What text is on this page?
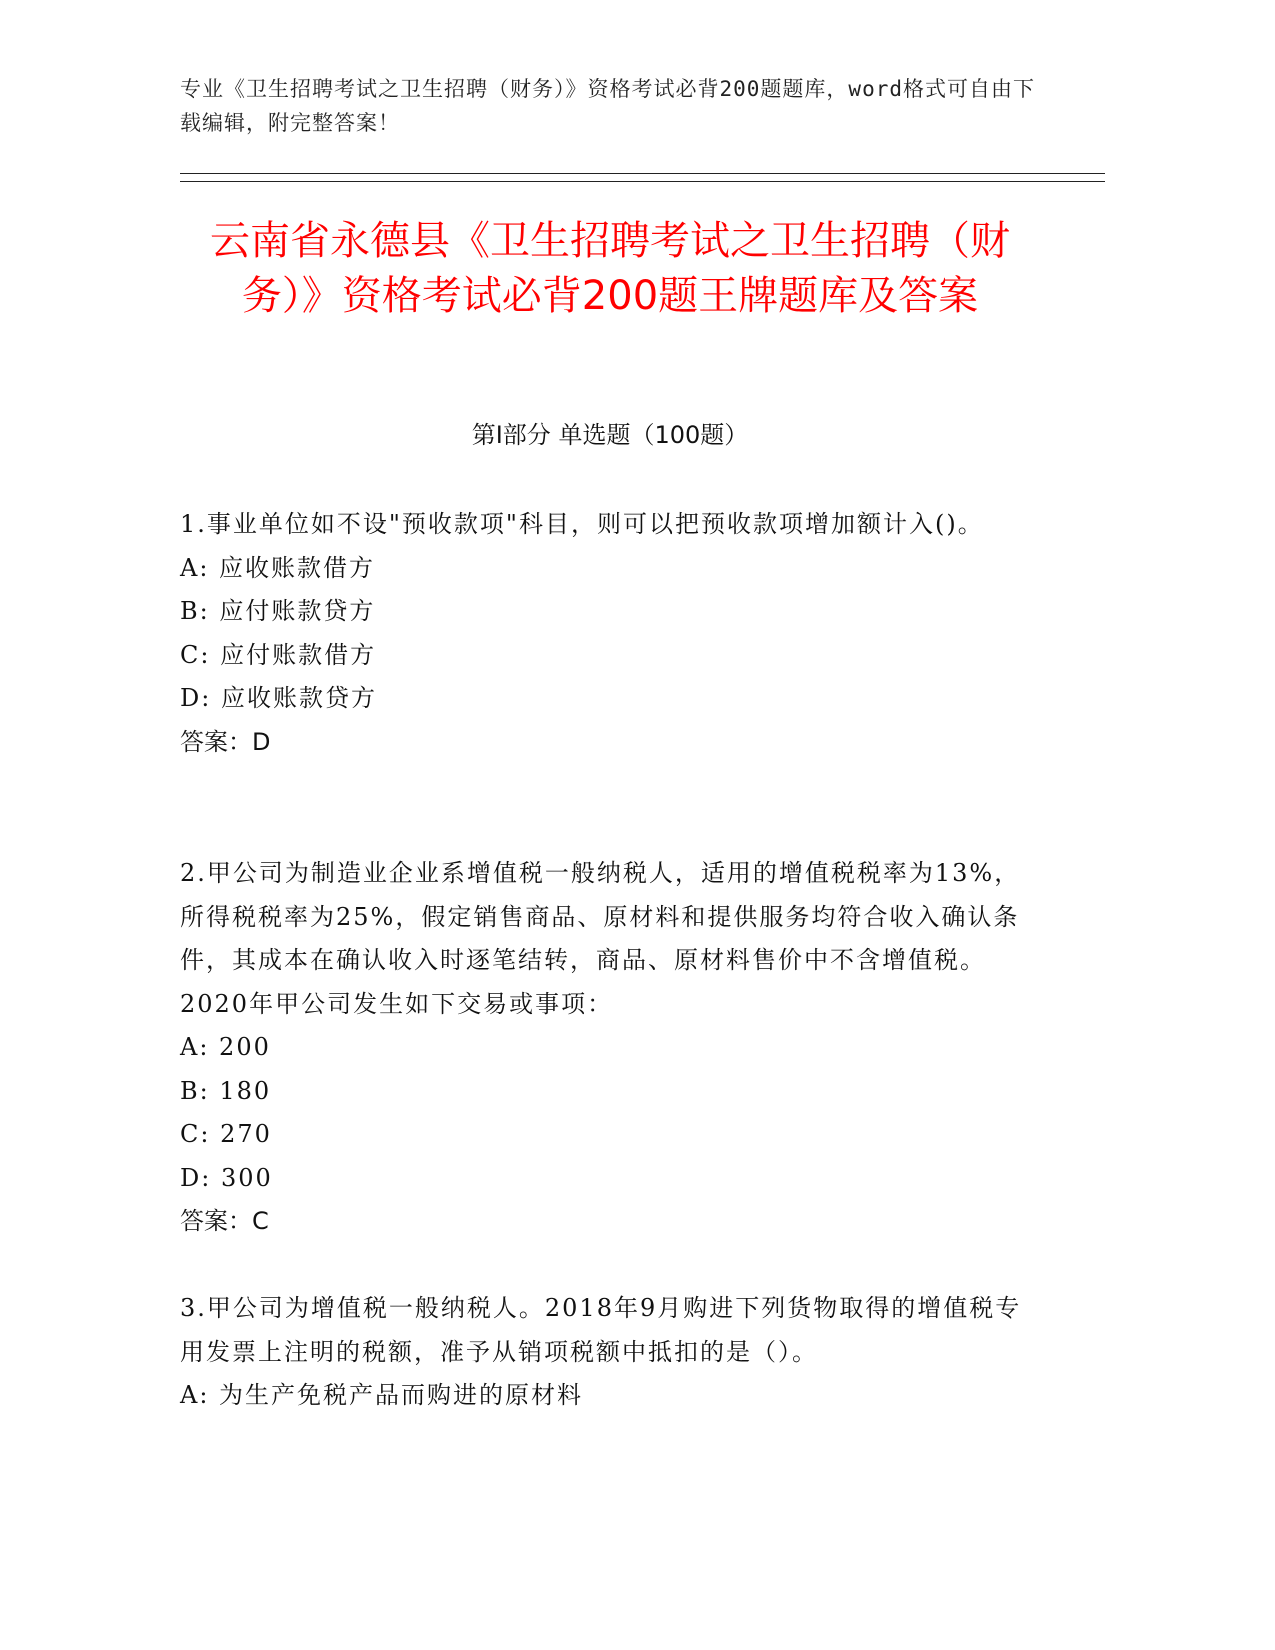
专业《卫生招聘考试之卫生招聘（财务）》资格考试必背200题题库，word格式可自由下载编辑，附完整答案！
云南省永德县《卫生招聘考试之卫生招聘（财务）》资格考试必背200题王牌题库及答案
第I部分 单选题（100题）

1.事业单位如不设"预收款项"科目，则可以把预收款项增加额计入()。

A: 应收账款借方

B: 应付账款贷方

C: 应付账款借方

D: 应收账款贷方

答案：D

2.甲公司为制造业企业系增值税一般纳税人，适用的增值税税率为13%，所得税税率为25%，假定销售商品、原材料和提供服务均符合收入确认条件，其成本在确认收入时逐笔结转，商品、原材料售价中不含增值税。2020年甲公司发生如下交易或事项：

A: 200

B: 180

C: 270

D: 300

答案：C

3.甲公司为增值税一般纳税人。2018年9月购进下列货物取得的增值税专用发票上注明的税额，准予从销项税额中抵扣的是（）。

A: 为生产免税产品而购进的原材料
